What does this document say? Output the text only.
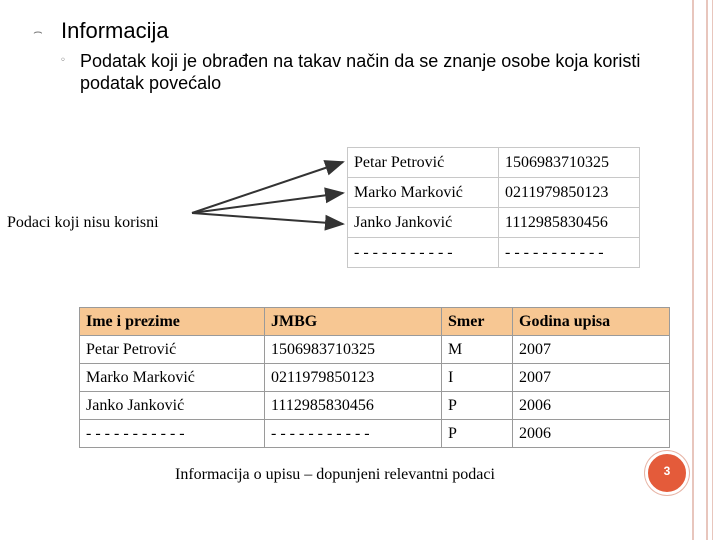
⌢ Informacija
◦ Podatak koji je obrađen na takav način da se znanje osobe koja koristi podatak povećalo
Podaci koji nisu korisni
Petar Petrović	1506983710325
Marko Marković	0211979850123
Janko Janković	1112985830456
- - - - - - - - - - -	- - - - - - - - - - -
Ime i prezime	JMBG	Smer	Godina upisa
Petar Petrović	1506983710325	M	2007
Marko Marković	0211979850123	I	2007
Janko Janković	1112985830456	P	2006
- - - - - - - - - - -	- - - - - - - - - - -	P	2006
Informacija o upisu – dopunjeni relevantni podaci	3
